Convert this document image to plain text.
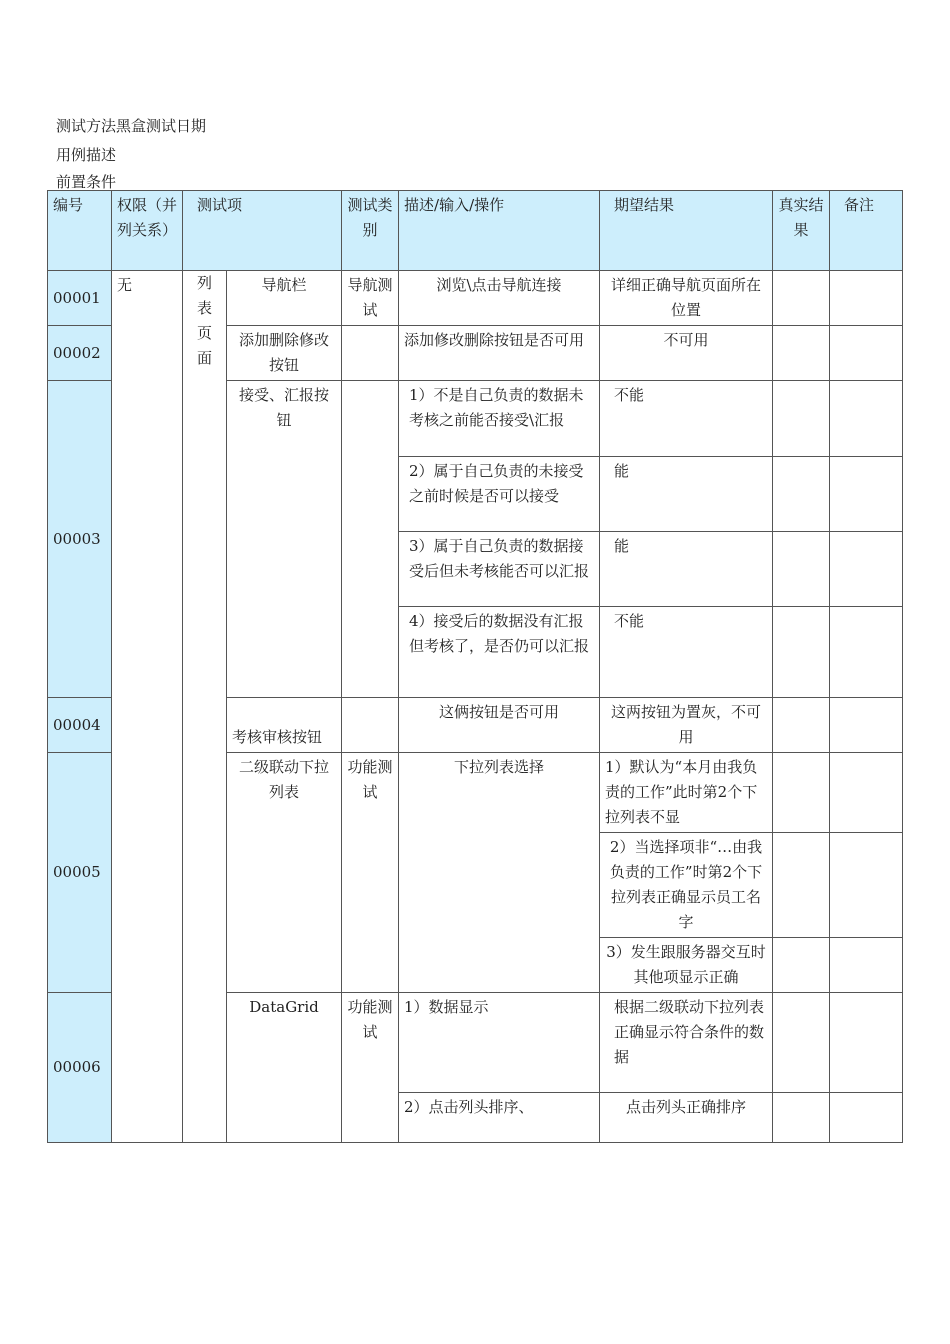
测试方法黑盒测试日期
用例描述
前置条件
编号	权限（并列关系）	测试项		测试类别	描述/输入/操作	期望结果	真实结果	备注
00001	无	列表页面	导航栏	导航测试	浏览\点击导航连接	详细正确导航页面所在位置		
00002			添加删除修改按钮		添加修改删除按钮是否可用	不可用		
00003			接受、汇报按钮		1）不是自己负责的数据未考核之前能否接受\汇报	不能		
					2）属于自己负责的未接受之前时候是否可以接受	能		
					3）属于自己负责的数据接受后但未考核能否可以汇报	能		
					4）接受后的数据没有汇报但考核了，是否仍可以汇报	不能		
00004			考核审核按钮		这俩按钮是否可用	这两按钮为置灰，不可用		
00005			二级联动下拉列表	功能测试	下拉列表选择	1）默认为“本月由我负责的工作”此时第2个下拉列表不显		
						2）当选择项非“…由我负责的工作”时第2个下拉列表正确显示员工名字		
						3）发生跟服务器交互时其他项显示正确		
00006			DataGrid	功能测试	1）数据显示	根据二级联动下拉列表正确显示符合条件的数据		
					2）点击列头排序、	点击列头正确排序		
